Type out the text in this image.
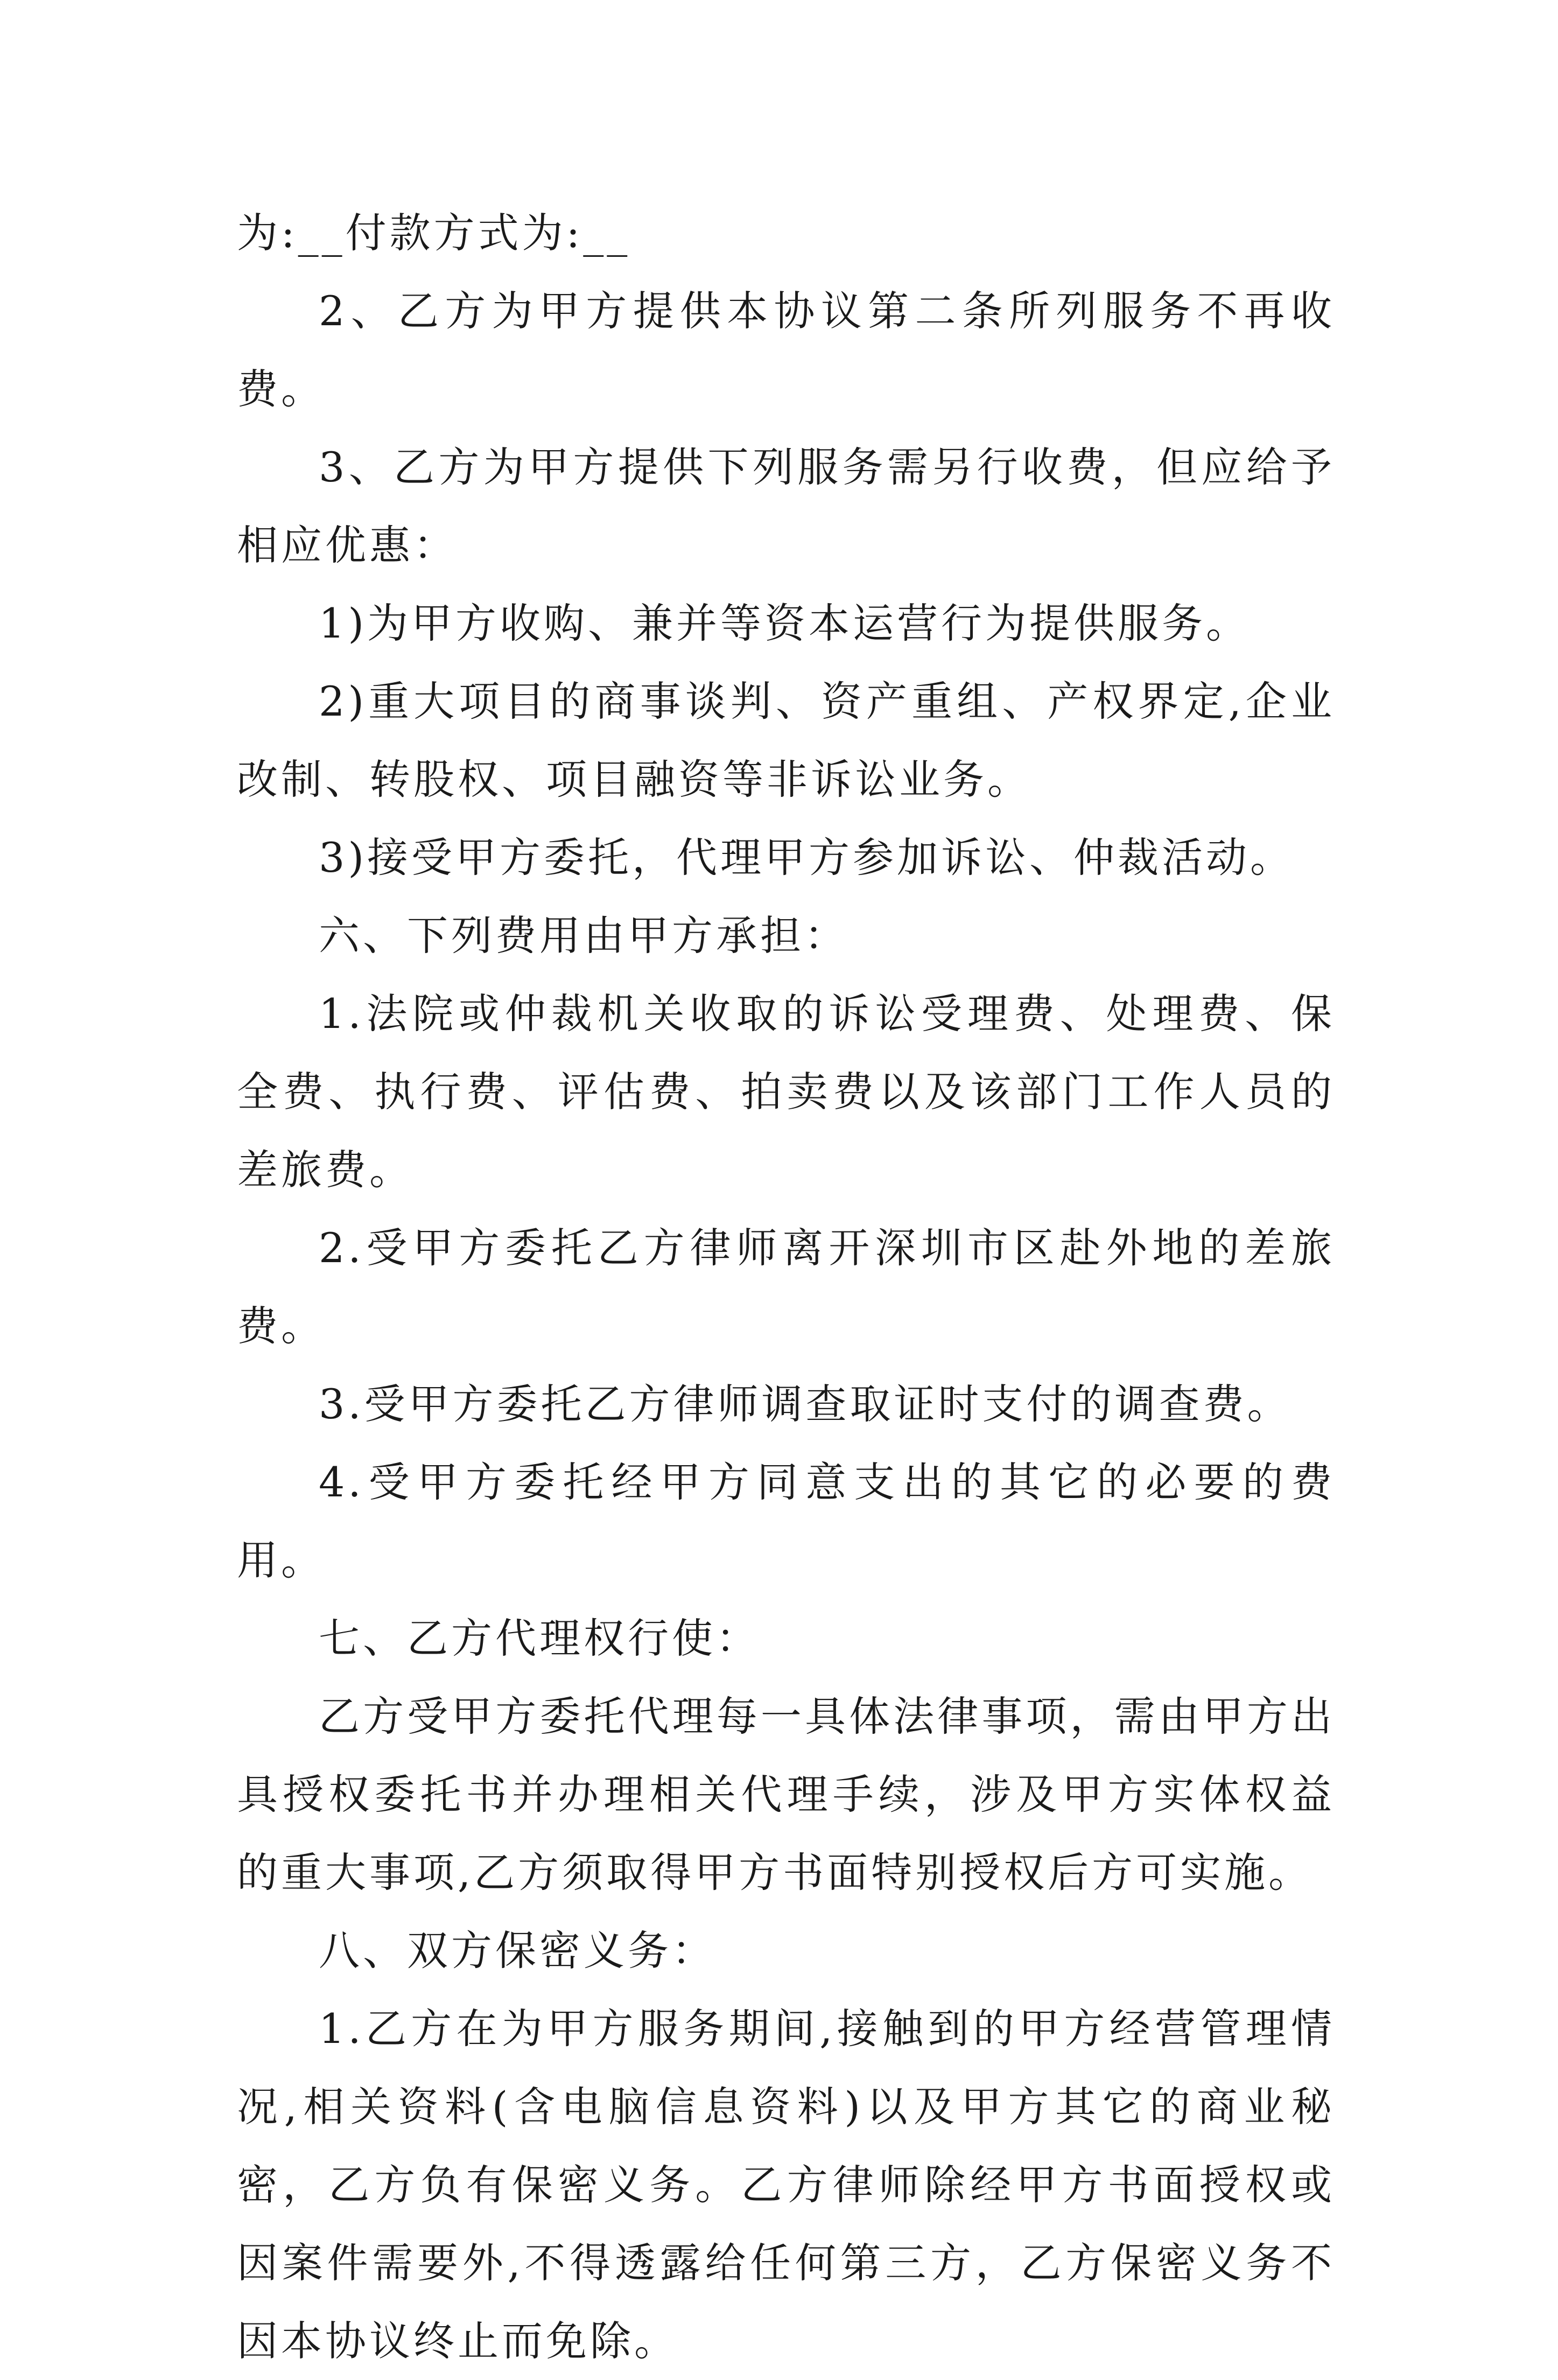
为:__付款方式为:__

2、乙方为甲方提供本协议第二条所列服务不再收费。

3、乙方为甲方提供下列服务需另行收费，但应给予相应优惠：

1)为甲方收购、兼并等资本运营行为提供服务。

2)重大项目的商事谈判、资产重组、产权界定,企业改制、转股权、项目融资等非诉讼业务。

3)接受甲方委托，代理甲方参加诉讼、仲裁活动。

六、下列费用由甲方承担：

1.法院或仲裁机关收取的诉讼受理费、处理费、保全费、执行费、评估费、拍卖费以及该部门工作人员的差旅费。

2.受甲方委托乙方律师离开深圳市区赴外地的差旅费。

3.受甲方委托乙方律师调查取证时支付的调查费。

4.受甲方委托经甲方同意支出的其它的必要的费用。

七、乙方代理权行使：

乙方受甲方委托代理每一具体法律事项，需由甲方出具授权委托书并办理相关代理手续，涉及甲方实体权益的重大事项,乙方须取得甲方书面特别授权后方可实施。

八、双方保密义务：

1.乙方在为甲方服务期间,接触到的甲方经营管理情况,相关资料(含电脑信息资料)以及甲方其它的商业秘密，乙方负有保密义务。乙方律师除经甲方书面授权或因案件需要外,不得透露给任何第三方，乙方保密义务不因本协议终止而免除。
